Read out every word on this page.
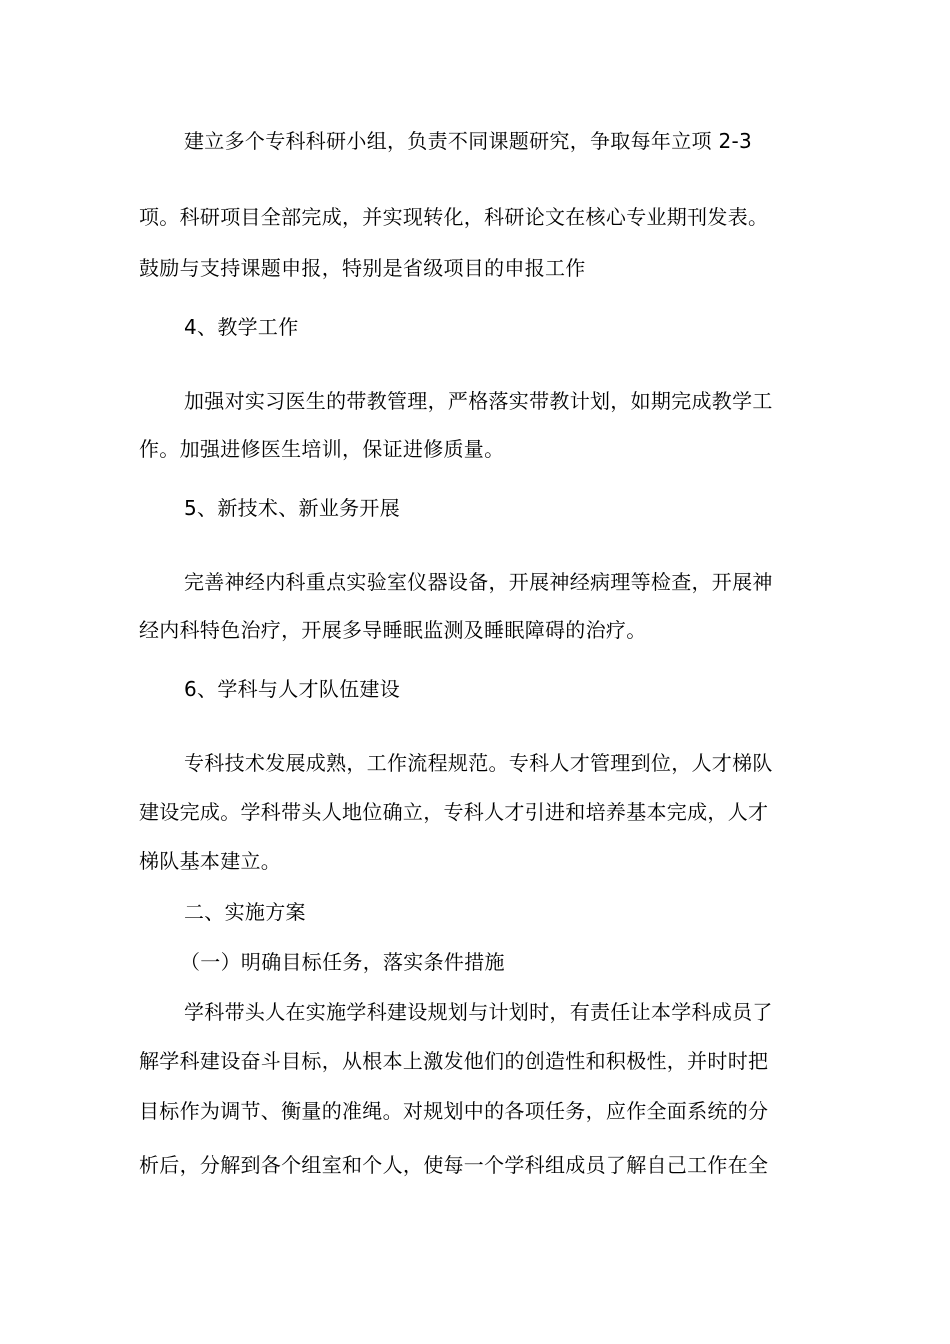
建立多个专科科研小组，负责不同课题研究，争取每年立项 2-3
项。科研项目全部完成，并实现转化，科研论文在核心专业期刊发表。
鼓励与支持课题申报，特别是省级项目的申报工作
4、教学工作
加强对实习医生的带教管理，严格落实带教计划，如期完成教学工
作。加强进修医生培训，保证进修质量。
5、新技术、新业务开展
完善神经内科重点实验室仪器设备，开展神经病理等检查，开展神
经内科特色治疗，开展多导睡眠监测及睡眠障碍的治疗。
6、学科与人才队伍建设
专科技术发展成熟，工作流程规范。专科人才管理到位，人才梯队
建设完成。学科带头人地位确立，专科人才引进和培养基本完成，人才
梯队基本建立。
二、实施方案
（一）明确目标任务，落实条件措施
学科带头人在实施学科建设规划与计划时，有责任让本学科成员了
解学科建设奋斗目标，从根本上激发他们的创造性和积极性，并时时把
目标作为调节、衡量的准绳。对规划中的各项任务，应作全面系统的分
析后，分解到各个组室和个人，使每一个学科组成员了解自己工作在全
